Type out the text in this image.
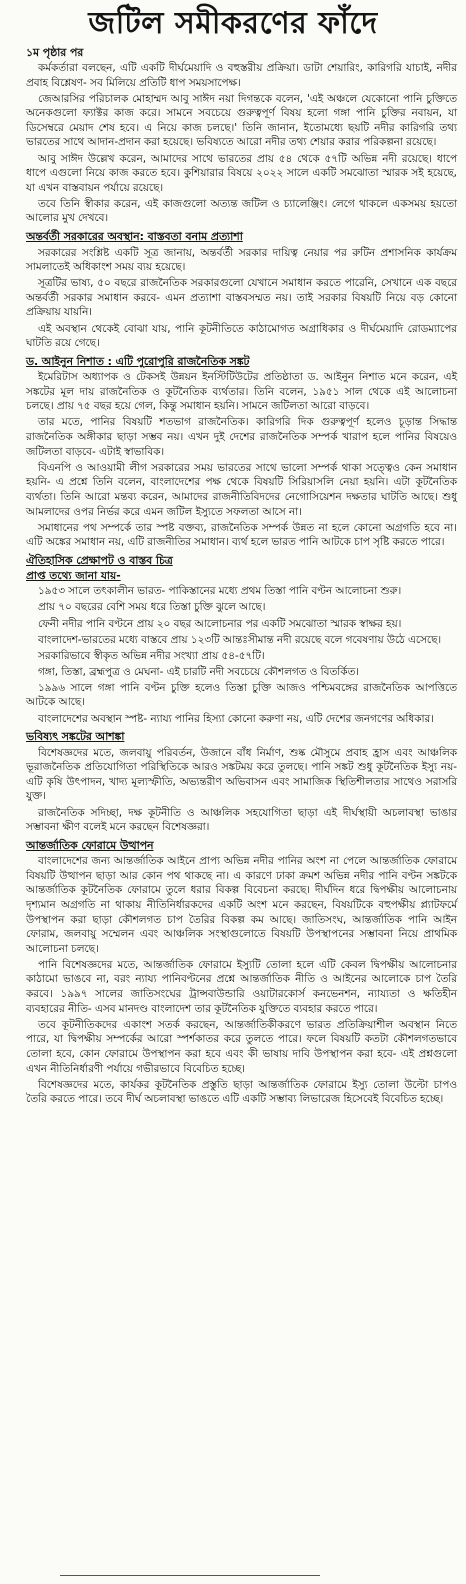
জটিল সমীকরণের ফাঁদে
১ম পৃষ্ঠার পর

কর্মকর্তারা বলছেন, এটি একটি দীর্ঘমেয়াদি ও বহুস্তরীয় প্রক্রিয়া। ডাটা শেয়ারিং, কারিগরি যাচাই, নদীর প্রবাহ বিশ্লেষণ- সব মিলিয়ে প্রতিটি ধাপ সময়সাপেক্ষ।

জেআরসির পরিচালক মোহাম্মদ আবু সাঈদ নয়া দিগন্তকে বলেন, 'এই অঞ্চলে যেকোনো পানি চুক্তিতে অনেকগুলো ফ্যাক্টর কাজ করে। সামনে সবচেয়ে গুরুত্বপূর্ণ বিষয় হলো গঙ্গা পানি চুক্তির নবায়ন, যা ডিসেম্বরে মেয়াদ শেষ হবে। এ নিয়ে কাজ চলছে।' তিনি জানান, ইতোমধ্যে ছয়টি নদীর কারিগরি তথ্য ভারতের সাথে আদান-প্রদান করা হয়েছে। ভবিষ্যতে আরো নদীর তথ্য শেয়ার করার পরিকল্পনা রয়েছে।

আবু সাঈদ উল্লেখ করেন, আমাদের সাথে ভারতের প্রায় ৫৪ থেকে ৫৭টি অভিন্ন নদী রয়েছে। ধাপে ধাপে এগুলো নিয়ে কাজ করতে হবে। কুশিয়ারার বিষয়ে ২০২২ সালে একটি সমঝোতা স্মারক সই হয়েছে, যা এখন বাস্তবায়ন পর্যায়ে রয়েছে।

তবে তিনি স্বীকার করেন, এই কাজগুলো অত্যন্ত জটিল ও চ্যালেঞ্জিং। লেগে থাকলে একসময় হয়তো আলোর মুখ দেখবে।

অন্তর্বর্তী সরকারের অবস্থান: বাস্তবতা বনাম প্রত্যাশা

সরকারের সংশ্লিষ্ট একটি সূত্র জানায়, অন্তর্বর্তী সরকার দায়িত্ব নেয়ার পর রুটিন প্রশাসনিক কার্যক্রম সামলাতেই অধিকাংশ সময় ব্যয় হয়েছে।

সূত্রটির ভাষ্য, ৫০ বছরে রাজনৈতিক সরকারগুলো যেখানে সমাধান করতে পারেনি, সেখানে এক বছরে অন্তর্বর্তী সরকার সমাধান করবে- এমন প্রত্যাশা বাস্তবসম্মত নয়। তাই সরকার বিষয়টি নিয়ে বড় কোনো প্রক্রিয়ায় যায়নি।

এই অবস্থান থেকেই বোঝা যায়, পানি কূটনীতিতে কাঠামোগত অগ্রাধিকার ও দীর্ঘমেয়াদি রোডম্যাপের ঘাটতি রয়ে গেছে।

ড. আইনুন নিশাত : এটি পুরোপুরি রাজনৈতিক সঙ্কট

ইমেরিটাস অধ্যাপক ও টেকসই উন্নয়ন ইনস্টিটিউটের প্রতিষ্ঠাতা ড. আইনুন নিশাত মনে করেন, এই সঙ্কটের মূল দায় রাজনৈতিক ও কূটনৈতিক ব্যর্থতার। তিনি বলেন, ১৯৫১ সাল থেকে এই আলোচনা চলছে। প্রায় ৭৫ বছর হয়ে গেল, কিন্তু সমাধান হয়নি। সামনে জটিলতা আরো বাড়বে।

তার মতে, পানির বিষয়টি শতভাগ রাজনৈতিক। কারিগরি দিক গুরুত্বপূর্ণ হলেও চূড়ান্ত সিদ্ধান্ত রাজনৈতিক অঙ্গীকার ছাড়া সম্ভব নয়। এখন দুই দেশের রাজনৈতিক সম্পর্ক খারাপ হলে পানির বিষয়েও জটিলতা বাড়বে- এটাই স্বাভাবিক।

বিএনপি ও আওয়ামী লীগ সরকারের সময় ভারতের সাথে ভালো সম্পর্ক থাকা সত্ত্বেও কেন সমাধান হয়নি- এ প্রশ্নে তিনি বলেন, বাংলাদেশের পক্ষ থেকে বিষয়টি সিরিয়াসলি নেয়া হয়নি। এটা কূটনৈতিক ব্যর্থতা। তিনি আরো মন্তব্য করেন, আমাদের রাজনীতিবিদদের নেগোসিয়েশন দক্ষতার ঘাটতি আছে। শুধু আমলাদের ওপর নির্ভর করে এমন জটিল ইস্যুতে সফলতা আসে না।

সমাধানের পথ সম্পর্কে তার স্পষ্ট বক্তব্য, রাজনৈতিক সম্পর্ক উন্নত না হলে কোনো অগ্রগতি হবে না। এটি অঙ্কের সমাধান নয়, এটি রাজনীতির সমাধান। ব্যর্থ হলে ভারত পানি আটকে চাপ সৃষ্টি করতে পারে।

ঐতিহাসিক প্রেক্ষাপট ও বাস্তব চিত্র
প্রাপ্ত তথ্যে জানা যায়-

১৯৫৩ সালে তৎকালীন ভারত- পাকিস্তানের মধ্যে প্রথম তিস্তা পানি বণ্টন আলোচনা শুরু।

প্রায় ৭০ বছরের বেশি সময় ধরে তিস্তা চুক্তি ঝুলে আছে।

ফেনী নদীর পানি বণ্টনে প্রায় ২০ বছর আলোচনার পর একটি সমঝোতা স্মারক স্বাক্ষর হয়।

বাংলাদেশ-ভারতের মধ্যে বাস্তবে প্রায় ১২৩টি আন্তঃসীমান্ত নদী রয়েছে বলে গবেষণায় উঠে এসেছে।

সরকারিভাবে স্বীকৃত অভিন্ন নদীর সংখ্যা প্রায় ৫৪-৫৭টি।

গঙ্গা, তিস্তা, ব্রহ্মপুত্র ও মেঘনা- এই চারটি নদী সবচেয়ে কৌশলগত ও বিতর্কিত।

১৯৯৬ সালে গঙ্গা পানি বণ্টন চুক্তি হলেও তিস্তা চুক্তি আজও পশ্চিমবঙ্গের রাজনৈতিক আপত্তিতে আটকে আছে।

বাংলাদেশের অবস্থান স্পষ্ট- ন্যায্য পানির হিস্যা কোনো করুণা নয়, এটি দেশের জনগণের অধিকার।

ভবিষ্যৎ সঙ্কটের আশঙ্কা

বিশেষজ্ঞদের মতে, জলবায়ু পরিবর্তন, উজানে বাঁধ নির্মাণ, শুষ্ক মৌসুমে প্রবাহ হ্রাস এবং আঞ্চলিক ভূরাজনৈতিক প্রতিযোগিতা পরিস্থিতিকে আরও সঙ্কটময় করে তুলছে। পানি সঙ্কট শুধু কূটনৈতিক ইস্যু নয়- এটি কৃষি উৎপাদন, খাদ্য মূল্যস্ফীতি, অভ্যন্তরীণ অভিবাসন এবং সামাজিক স্থিতিশীলতার সাথেও সরাসরি যুক্ত।

রাজনৈতিক সদিচ্ছা, দক্ষ কূটনীতি ও আঞ্চলিক সহযোগিতা ছাড়া এই দীর্ঘস্থায়ী অচলাবস্থা ভাঙার সম্ভাবনা ক্ষীণ বলেই মনে করছেন বিশেষজ্ঞরা।

আন্তর্জাতিক ফোরামে উত্থাপন

বাংলাদেশের জন্য আন্তর্জাতিক আইনে প্রাপ্য অভিন্ন নদীর পানির অংশ না পেলে আন্তর্জাতিক ফোরামে বিষয়টি উত্থাপন ছাড়া আর কোন পথ থাকছে না। এ কারণে ঢাকা ক্রমশ অভিন্ন নদীর পানি বণ্টন সঙ্কটকে আন্তর্জাতিক কূটনৈতিক ফোরামে তুলে ধরার বিকল্প বিবেচনা করছে। দীর্ঘদিন ধরে দ্বিপক্ষীয় আলোচনায় দৃশ্যমান অগ্রগতি না থাকায় নীতিনির্ধারকদের একটি অংশ মনে করছেন, বিষয়টিকে বহুপক্ষীয় প্ল্যাটফর্মে উপস্থাপন করা ছাড়া কৌশলগত চাপ তৈরির বিকল্প কম আছে। জাতিসংঘ, আন্তর্জাতিক পানি আইন ফোরাম, জলবায়ু সম্মেলন এবং আঞ্চলিক সংস্থাগুলোতে বিষয়টি উপস্থাপনের সম্ভাবনা নিয়ে প্রাথমিক আলোচনা চলছে।

পানি বিশেষজ্ঞদের মতে, আন্তর্জাতিক ফোরামে ইস্যুটি তোলা হলে এটি কেবল দ্বিপক্ষীয় আলোচনার কাঠামো ভাঙবে না, বরং ন্যায্য পানিবণ্টনের প্রশ্নে আন্তর্জাতিক নীতি ও আইনের আলোকে চাপ তৈরি করবে। ১৯৯৭ সালের জাতিসংঘের ট্রান্সবাউন্ডারি ওয়াটারকোর্স কনভেনশন, ন্যায্যতা ও ক্ষতিহীন ব্যবহারের নীতি- এসব মানদণ্ড বাংলাদেশ তার কূটনৈতিক যুক্তিতে ব্যবহার করতে পারে।

তবে কূটনীতিকদের একাংশ সতর্ক করছেন, আন্তর্জাতিকীকরণে ভারত প্রতিক্রিয়াশীল অবস্থান নিতে পারে, যা দ্বিপক্ষীয় সম্পর্কের আরো স্পর্শকাতর করে তুলতে পারে। ফলে বিষয়টি কতটা কৌশলগতভাবে তোলা হবে, কোন ফোরামে উপস্থাপন করা হবে এবং কী ভাষায় দাবি উপস্থাপন করা হবে- এই প্রশ্নগুলো এখন নীতিনির্ধারণী পর্যায়ে গভীরভাবে বিবেচিত হচ্ছে।

বিশেষজ্ঞদের মতে, কার্যকর কূটনৈতিক প্রস্তুতি ছাড়া আন্তর্জাতিক ফোরামে ইস্যু তোলা উল্টো চাপও তৈরি করতে পারে। তবে দীর্ঘ অচলাবস্থা ভাঙতে এটি একটি সম্ভাব্য লিভারেজ হিসেবেই বিবেচিত হচ্ছে।
